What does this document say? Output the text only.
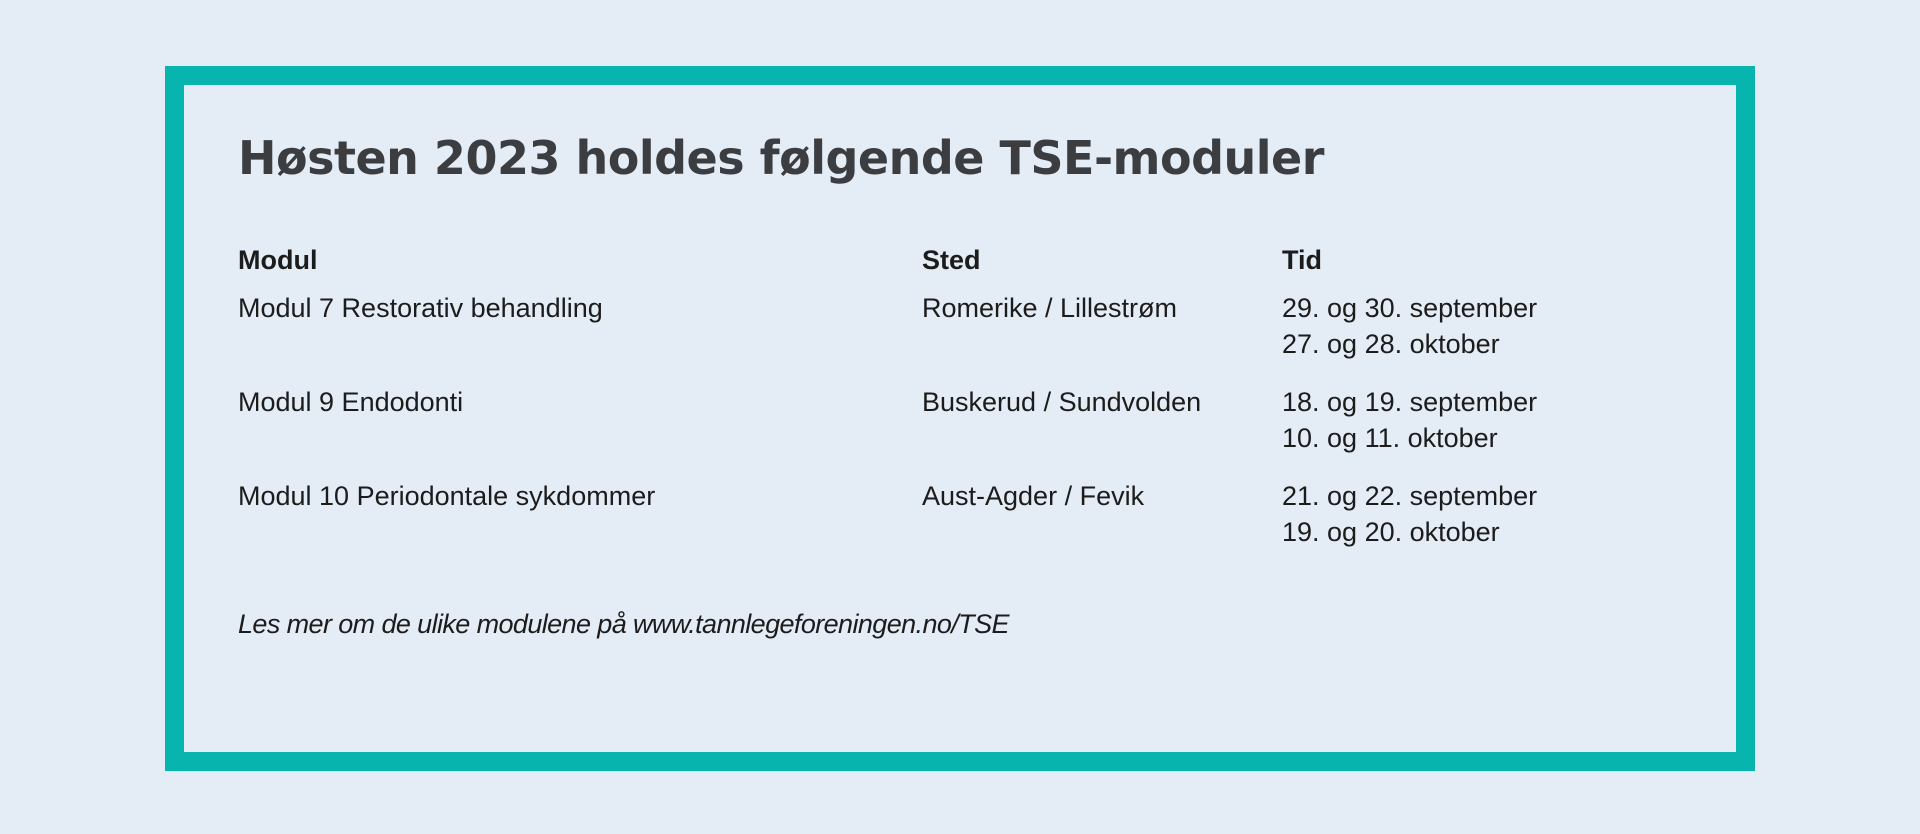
Høsten 2023 holdes følgende TSE-moduler
Modul	Sted	Tid
Modul 7 Restorativ behandling	Romerike / Lillestrøm	29. og 30. september
27. og 28. oktober

Modul 9 Endodonti	Buskerud / Sundvolden	18. og 19. september
10. og 11. oktober

Modul 10 Periodontale sykdommer	Aust-Agder / Fevik	21. og 22. september
19. og 20. oktober

Les mer om de ulike modulene på www.tannlegeforeningen.no/TSE
